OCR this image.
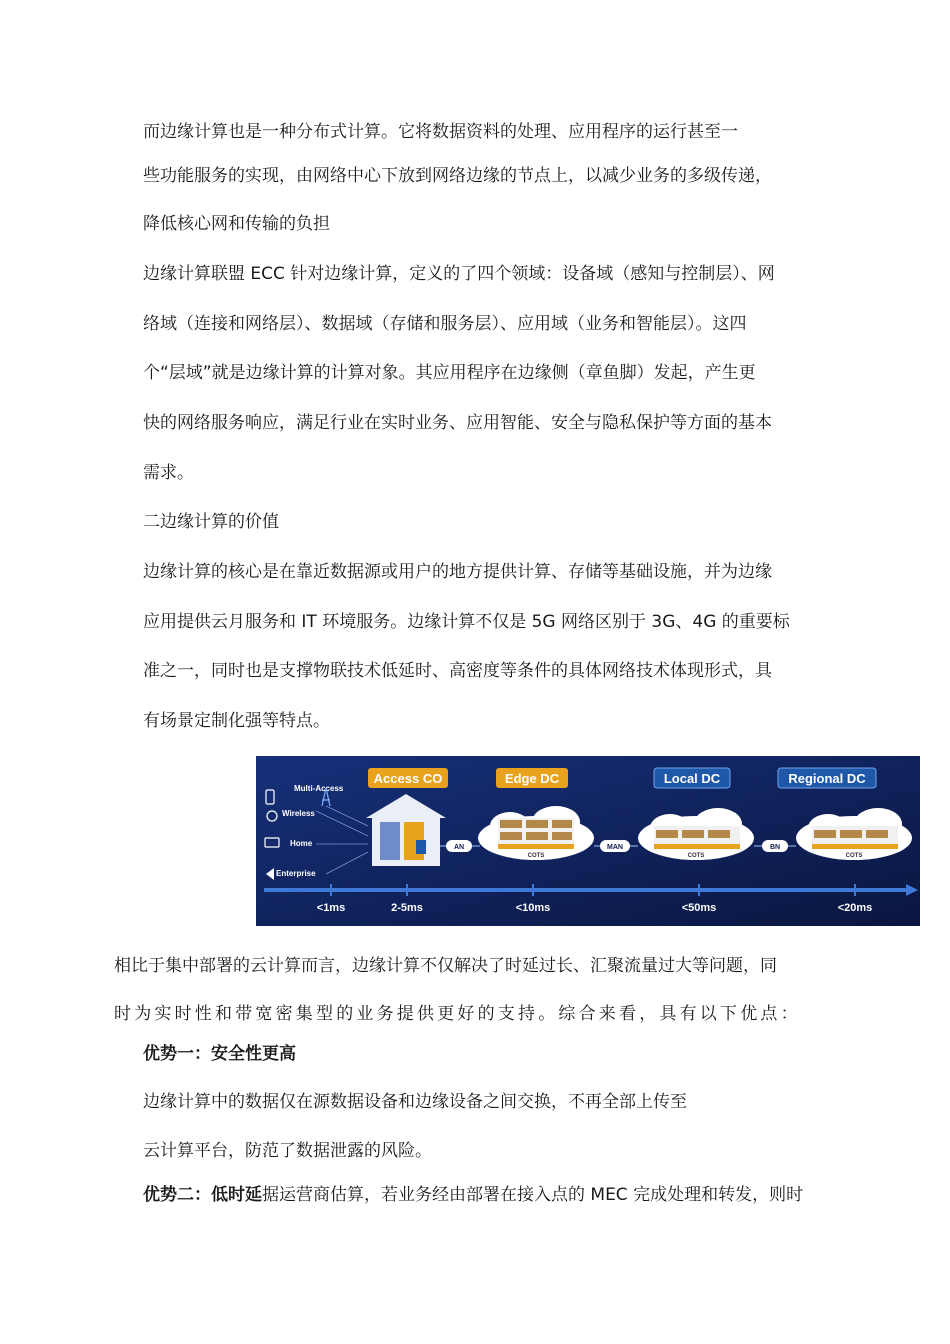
而边缘计算也是一种分布式计算。它将数据资料的处理、应用程序的运行甚至一
些功能服务的实现，由网络中心下放到网络边缘的节点上，以减少业务的多级传递，
降低核心网和传输的负担
边缘计算联盟 ECC 针对边缘计算，定义的了四个领域：设备域（感知与控制层）、网
络域（连接和网络层）、数据域（存储和服务层）、应用域（业务和智能层）。这四
个“层域”就是边缘计算的计算对象。其应用程序在边缘侧（章鱼脚）发起，产生更
快的网络服务响应，满足行业在实时业务、应用智能、安全与隐私保护等方面的基本
需求。
二边缘计算的价值
边缘计算的核心是在靠近数据源或用户的地方提供计算、存储等基础设施，并为边缘
应用提供云月服务和 IT 环境服务。边缘计算不仅是 5G 网络区别于 3G、4G 的重要标
准之一，同时也是支撑物联技术低延时、高密度等条件的具体网络技术体现形式，具
有场景定制化强等特点。
Access CO	Edge DC	Local DC	Regional DC
Multi-Access
Wireless
Home
Enterprise
COTS	COTS	COTS
AN	MAN	BN
<1ms	2-5ms	<10ms	<50ms	<20ms
相比于集中部署的云计算而言，边缘计算不仅解决了时延过长、汇聚流量过大等问题，同
时为实时性和带宽密集型的业务提供更好的支持。综合来看，具有以下优点：
优势一：安全性更高
边缘计算中的数据仅在源数据设备和边缘设备之间交换，不再全部上传至
云计算平台，防范了数据泄露的风险。
优势二：低时延据运营商估算，若业务经由部署在接入点的 MEC 完成处理和转发，则时
